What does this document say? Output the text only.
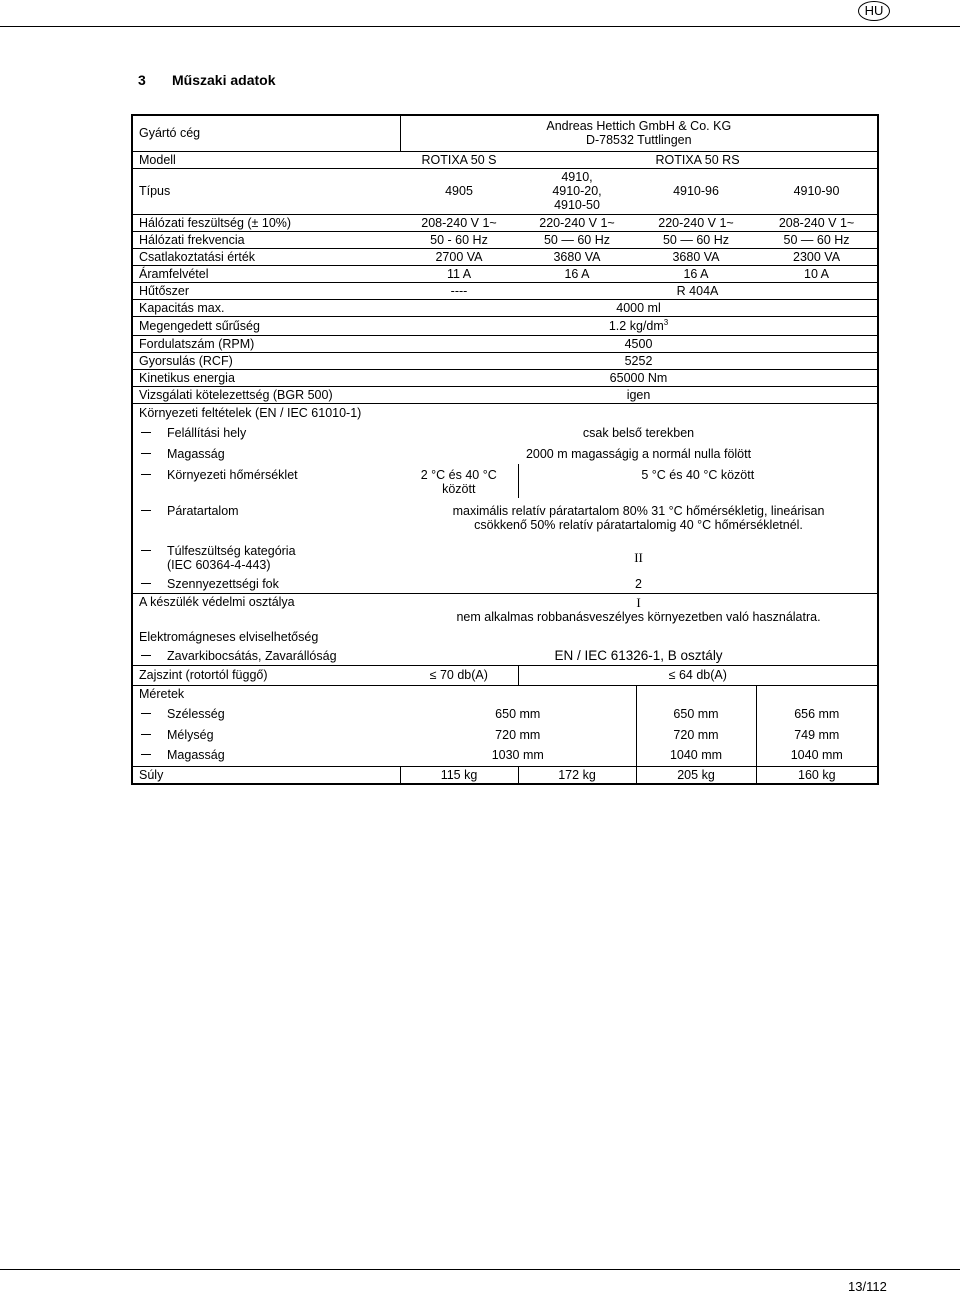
HU
3 Műszaki adatok
Gyártó cég	Andreas Hettich GmbH & Co. KG
D-78532 Tuttlingen			

Modell	ROTIXA 50 S	ROTIXA 50 RS		
Típus	4905	4910,
4910-20,
4910-50	4910-96	4910-90
Hálózati feszültség (± 10%)	208-240 V 1~	220-240 V 1~	220-240 V 1~	208-240 V 1~
Hálózati frekvencia	50 - 60 Hz	50 — 60 Hz	50 — 60 Hz	50 — 60 Hz
Csatlakoztatási érték	2700 VA	3680 VA	3680 VA	2300 VA
Áramfelvétel	11 A	16 A	16 A	10 A
Hűtőszer	----	R 404A		
Kapacitás max.	4000 ml			
Megengedett sűrűség	1.2 $kg/dm^3$
Fordulatszám (RPM)	4500			
Gyorsulás (RCF)	5252			
Kinetikus energia	65000 Nm			
Vizsgálati kötelezettség (BGR 500)	igen			
Környezeti feltételek (EN / IEC 61010-1)				
Felállítási hely	csak belső terekben			
Magasság	2000 m magasságig a normál nulla fölött			
Környezeti hőmérséklet	2 °C és 40 °C
között	5 °C és 40 °C között		
Páratartalom	maximális relatív páratartalom 80% 31 °C hőmérsékletig, lineárisan
csökkenő 50% relatív páratartalomig 40 °C hőmérsékletnél.			

Túlfeszültség kategória
(IEC 60364-4-443)	II			
Szennyezettségi fok	2			
A készülék védelmi osztálya	I
nem alkalmas robbanásveszélyes környezetben való használatra.			

Elektromágneses elviselhetőség				
Zavarkibocsátás, Zavarállóság	EN / IEC 61326-1, B osztály			
Zajszint (rotortól függő)	≤ 70 db(A)	≤ 64 db(A)		
Méretek				
Szélesség	650 mm		650 mm	656 mm
Mélység	720 mm		720 mm	749 mm
Magasság	1030 mm		1040 mm	1040 mm
Súly	115 kg	172 kg	205 kg	160 kg
13/112
